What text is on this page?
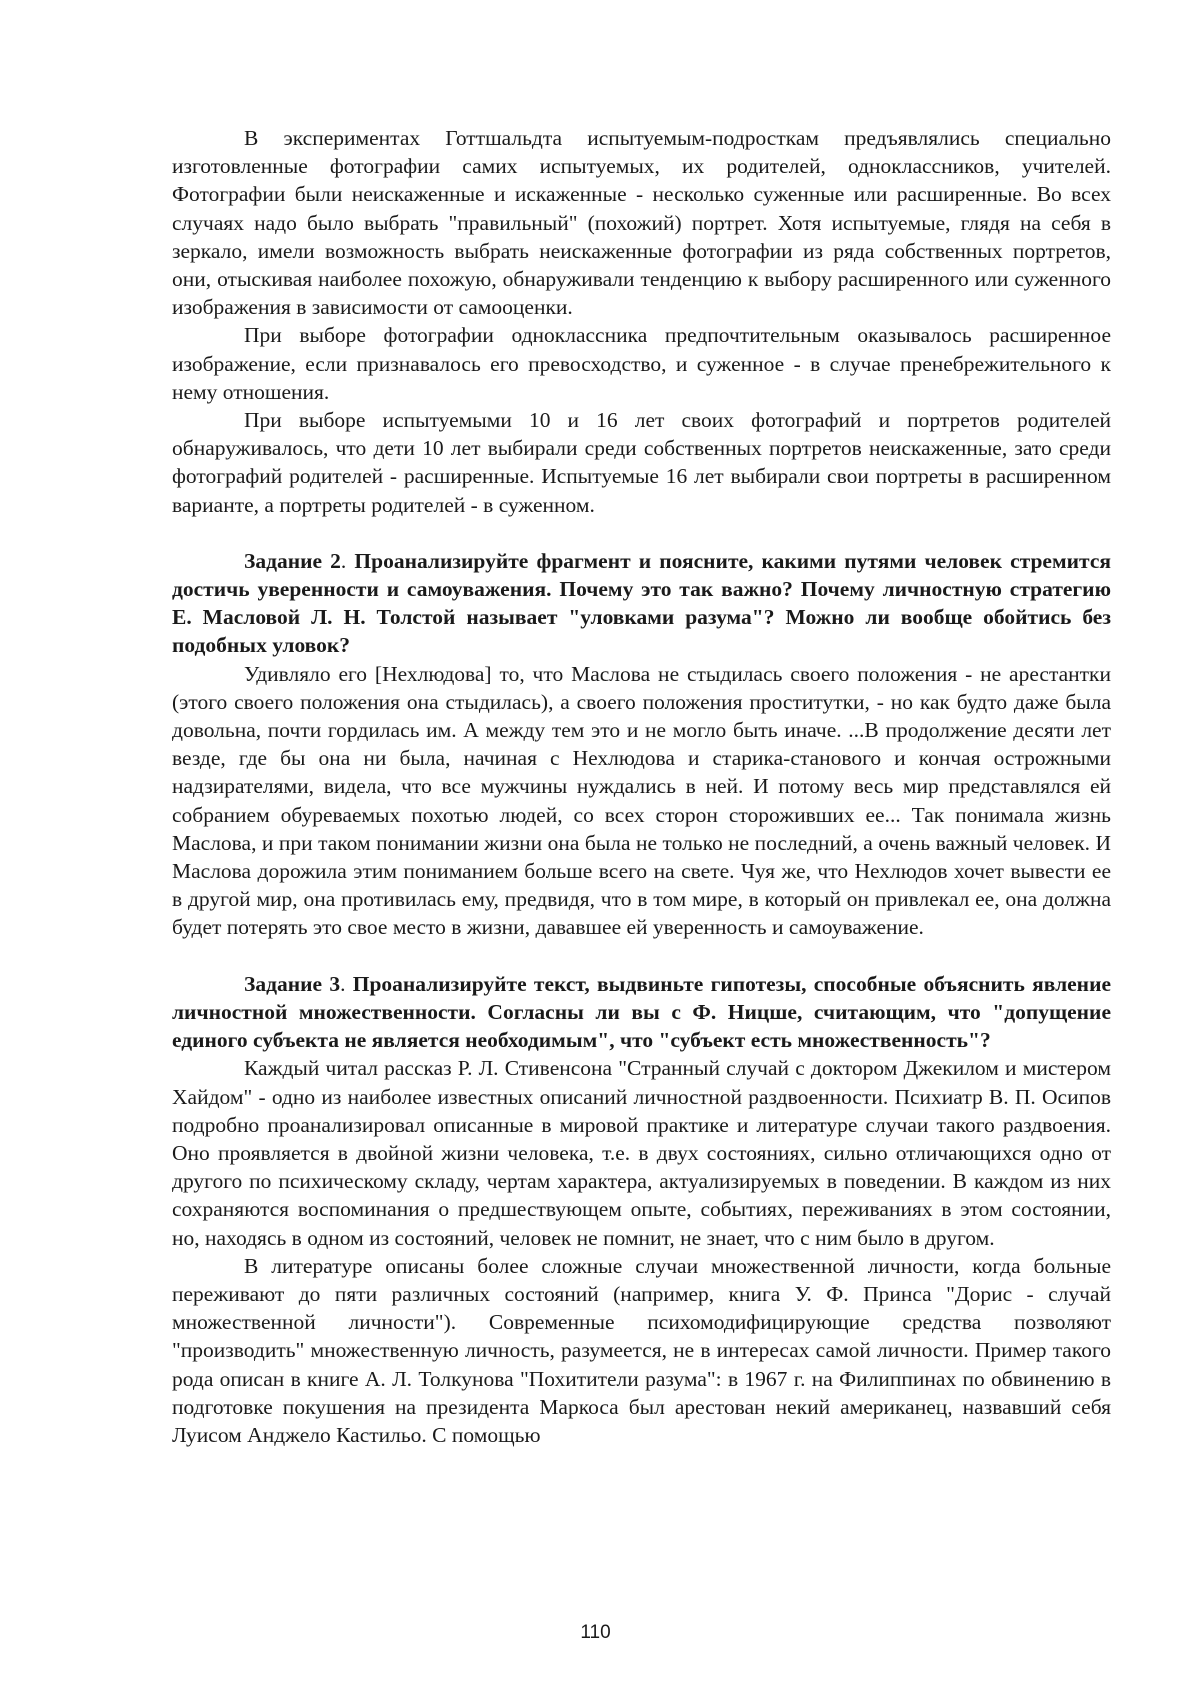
В экспериментах Готтшальдта испытуемым-подросткам предъявлялись специально изготовленные фотографии самих испытуемых, их родителей, одноклассников, учителей. Фотографии были неискаженные и искаженные - несколько суженные или расширенные. Во всех случаях надо было выбрать "правильный" (похожий) портрет. Хотя испытуемые, глядя на себя в зеркало, имели возможность выбрать неискаженные фотографии из ряда собственных портретов, они, отыскивая наиболее похожую, обнаруживали тенденцию к выбору расширенного или суженного изображения в зависимости от самооценки.

При выборе фотографии одноклассника предпочтительным оказывалось расширенное изображение, если признавалось его превосходство, и суженное - в случае пренебрежительного к нему отношения.

При выборе испытуемыми 10 и 16 лет своих фотографий и портретов родителей обнаруживалось, что дети 10 лет выбирали среди собственных портретов неискаженные, зато среди фотографий родителей - расширенные. Испытуемые 16 лет выбирали свои портреты в расширенном варианте, а портреты родителей - в суженном.

Задание 2. Проанализируйте фрагмент и поясните, какими путями человек стремится достичь уверенности и самоуважения. Почему это так важно? Почему личностную стратегию Е. Масловой Л. Н. Толстой называет "уловками разума"? Можно ли вообще обойтись без подобных уловок?

Удивляло его [Нехлюдова] то, что Маслова не стыдилась своего положения - не арестантки (этого своего положения она стыдилась), а своего положения проститутки, - но как будто даже была довольна, почти гордилась им. А между тем это и не могло быть иначе. ...В продолжение десяти лет везде, где бы она ни была, начиная с Нехлюдова и старика-станового и кончая острожными надзирателями, видела, что все мужчины нуждались в ней. И потому весь мир представлялся ей собранием обуреваемых похотью людей, со всех сторон стороживших ее... Так понимала жизнь Маслова, и при таком понимании жизни она была не только не последний, а очень важный человек. И Маслова дорожила этим пониманием больше всего на свете. Чуя же, что Нехлюдов хочет вывести ее в другой мир, она противилась ему, предвидя, что в том мире, в который он привлекал ее, она должна будет потерять это свое место в жизни, дававшее ей уверенность и самоуважение.

Задание 3. Проанализируйте текст, выдвиньте гипотезы, способные объяснить явление личностной множественности. Согласны ли вы с Ф. Ницше, считающим, что "допущение единого субъекта не является необходимым", что "субъект есть множественность"?

Каждый читал рассказ Р. Л. Стивенсона "Странный случай с доктором Джекилом и мистером Хайдом" - одно из наиболее известных описаний личностной раздвоенности. Психиатр В. П. Осипов подробно проанализировал описанные в мировой практике и литературе случаи такого раздвоения. Оно проявляется в двойной жизни человека, т.е. в двух состояниях, сильно отличающихся одно от другого по психическому складу, чертам характера, актуализируемых в поведении. В каждом из них сохраняются воспоминания о предшествующем опыте, событиях, переживаниях в этом состоянии, но, находясь в одном из состояний, человек не помнит, не знает, что с ним было в другом.

В литературе описаны более сложные случаи множественной личности, когда больные переживают до пяти различных состояний (например, книга У. Ф. Принса "Дорис - случай множественной личности"). Современные психомодифицирующие средства позволяют "производить" множественную личность, разумеется, не в интересах самой личности. Пример такого рода описан в книге А. Л. Толкунова "Похитители разума": в 1967 г. на Филиппинах по обвинению в подготовке покушения на президента Маркоса был арестован некий американец, назвавший себя Луисом Анджело Кастильо. С помощью

110
